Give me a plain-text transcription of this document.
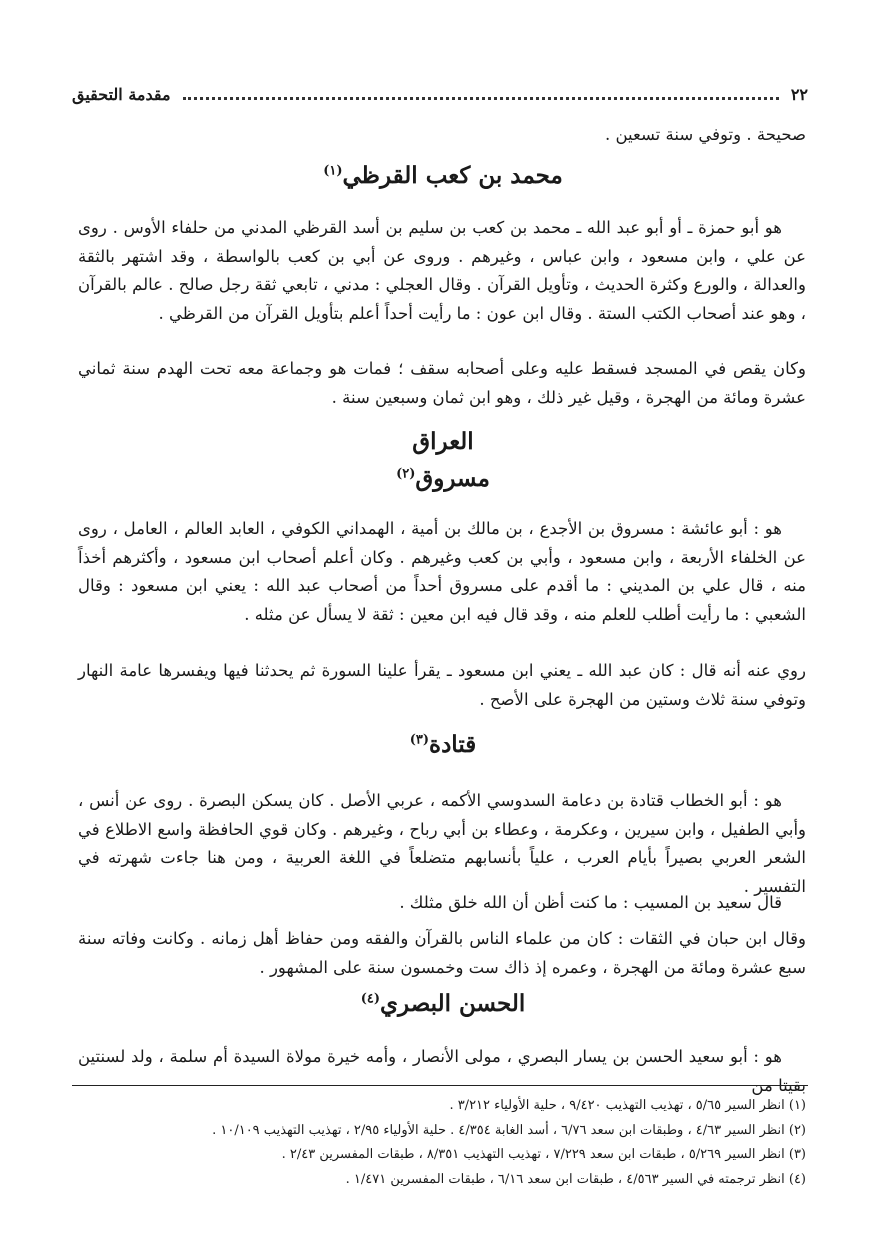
٢٢
مقدمة التحقيق

صحيحة . وتوفي سنة تسعين .

محمد بن كعب القرظي$^{(١)}$

هو أبو حمزة ـ أو أبو عبد الله ـ محمد بن كعب بن سليم بن أسد القرظي المدني من حلفاء الأوس . روى عن علي ، وابن مسعود ، وابن عباس ، وغيرهم . وروى عن أبي بن كعب بالواسطة ، وقد اشتهر بالثقة والعدالة ، والورع وكثرة الحديث ، وتأويل القرآن . وقال العجلي : مدني ، تابعي ثقة رجل صالح . عالم بالقرآن ، وهو عند أصحاب الكتب الستة . وقال ابن عون : ما رأيت أحداً أعلم بتأويل القرآن من القرظي .

وكان يقص في المسجد فسقط عليه وعلى أصحابه سقف ؛ فمات هو وجماعة معه تحت الهدم سنة ثماني عشرة ومائة من الهجرة ، وقيل غير ذلك ، وهو ابن ثمان وسبعين سنة .

العراق
مسروق$^{(٢)}$

هو : أبو عائشة : مسروق بن الأجدع ، بن مالك بن أمية ، الهمداني الكوفي ، العابد العالم ، العامل ، روى عن الخلفاء الأربعة ، وابن مسعود ، وأبي بن كعب وغيرهم . وكان أعلم أصحاب ابن مسعود ، وأكثرهم أخذاً منه ، قال علي بن المديني : ما أقدم على مسروق أحداً من أصحاب عبد الله : يعني ابن مسعود : وقال الشعبي : ما رأيت أطلب للعلم منه ، وقد قال فيه ابن معين : ثقة لا يسأل عن مثله .

روي عنه أنه قال : كان عبد الله ـ يعني ابن مسعود ـ يقرأ علينا السورة ثم يحدثنا فيها ويفسرها عامة النهار وتوفي سنة ثلاث وستين من الهجرة على الأصح .

قتادة$^{(٣)}$

هو : أبو الخطاب قتادة بن دعامة السدوسي الأكمه ، عربي الأصل . كان يسكن البصرة . روى عن أنس ، وأبي الطفيل ، وابن سيرين ، وعكرمة ، وعطاء بن أبي رباح ، وغيرهم . وكان قوي الحافظة واسع الاطلاع في الشعر العربي بصيراً بأيام العرب ، علياً بأنسابهم متضلعاً في اللغة العربية ، ومن هنا جاءت شهرته في التفسير .

قال سعيد بن المسيب : ما كنت أظن أن الله خلق مثلك .

وقال ابن حبان في الثقات : كان من علماء الناس بالقرآن والفقه ومن حفاظ أهل زمانه . وكانت وفاته سنة سبع عشرة ومائة من الهجرة ، وعمره إذ ذاك ست وخمسون سنة على المشهور .

الحسن البصري$^{(٤)}$

هو : أبو سعيد الحسن بن يسار البصري ، مولى الأنصار ، وأمه خيرة مولاة السيدة أم سلمة ، ولد لسنتين بقيتا من

(١) انظر السير ٥/٦٥ ، تهذيب التهذيب ٩/٤٢٠ ، حلية الأولياء ٣/٢١٢ .

(٢) انظر السير ٤/٦٣ ، وطبقات ابن سعد ٦/٧٦ ، أسد الغابة ٤/٣٥٤ . حلية الأولياء ٢/٩٥ ، تهذيب التهذيب ١٠/١٠٩ .

(٣) انظر السير ٥/٢٦٩ ، طبقات ابن سعد ٧/٢٢٩ ، تهذيب التهذيب ٨/٣٥١ ، طبقات المفسرين ٢/٤٣ .

(٤) انظر ترجمته في السير ٤/٥٦٣ ، طبقات ابن سعد ٦/١٦ ، طبقات المفسرين ١/٤٧١ .
